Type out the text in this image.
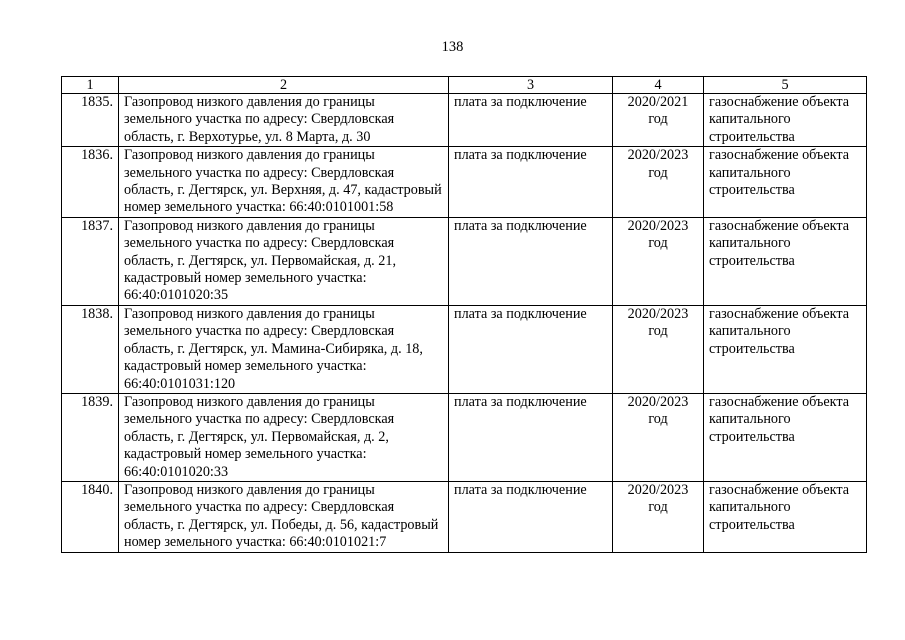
138
1	2	3	4	5
1835.	Газопровод низкого давления до границы земельного участка по адресу: Свердловская область, г. Верхотурье, ул. 8 Марта, д. 30	плата за подключение	2020/2021 год	газоснабжение объекта капитального строительства
1836.	Газопровод низкого давления до границы земельного участка по адресу: Свердловская область, г. Дегтярск, ул. Верхняя, д. 47, кадастровый номер земельного участка: 66:40:0101001:58	плата за подключение	2020/2023 год	газоснабжение объекта капитального строительства
1837.	Газопровод низкого давления до границы земельного участка по адресу: Свердловская область, г. Дегтярск, ул. Первомайская, д. 21, кадастровый номер земельного участка: 66:40:0101020:35	плата за подключение	2020/2023 год	газоснабжение объекта капитального строительства
1838.	Газопровод низкого давления до границы земельного участка по адресу: Свердловская область, г. Дегтярск, ул. Мамина-Сибиряка, д. 18, кадастровый номер земельного участка: 66:40:0101031:120	плата за подключение	2020/2023 год	газоснабжение объекта капитального строительства
1839.	Газопровод низкого давления до границы земельного участка по адресу: Свердловская область, г. Дегтярск, ул. Первомайская, д. 2, кадастровый номер земельного участка: 66:40:0101020:33	плата за подключение	2020/2023 год	газоснабжение объекта капитального строительства
1840.	Газопровод низкого давления до границы земельного участка по адресу: Свердловская область, г. Дегтярск, ул. Победы, д. 56, кадастровый номер земельного участка: 66:40:0101021:7	плата за подключение	2020/2023 год	газоснабжение объекта капитального строительства
